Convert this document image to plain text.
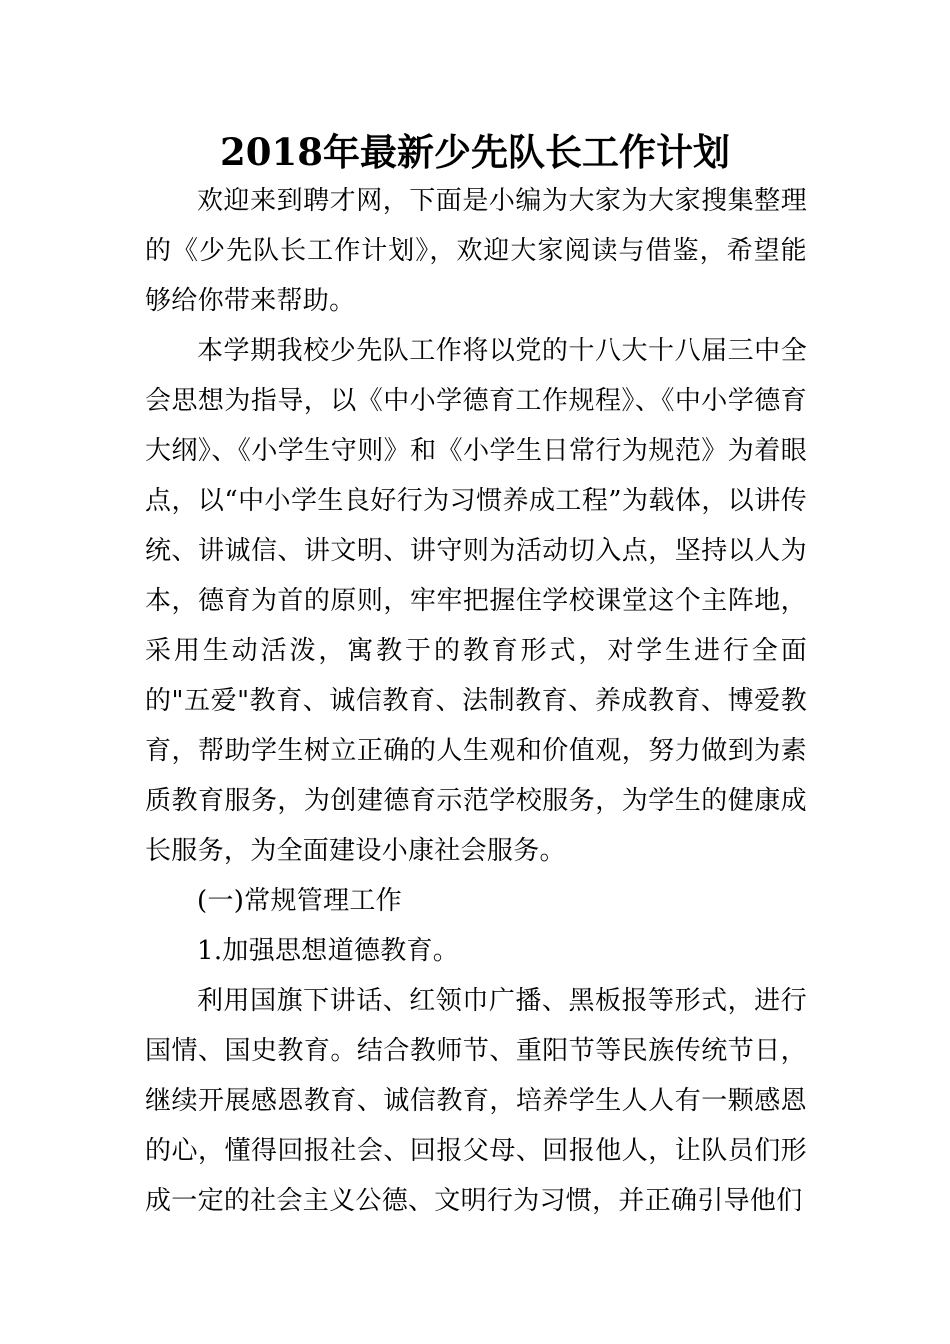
2018年最新少先队长工作计划

欢迎来到聘才网，下面是小编为大家为大家搜集整理的《少先队长工作计划》，欢迎大家阅读与借鉴，希望能够给你带来帮助。

本学期我校少先队工作将以党的十八大十八届三中全会思想为指导，以《中小学德育工作规程》、《中小学德育大纲》、《小学生守则》和《小学生日常行为规范》为着眼点，以“中小学生良好行为习惯养成工程”为载体，以讲传统、讲诚信、讲文明、讲守则为活动切入点，坚持以人为本，德育为首的原则，牢牢把握住学校课堂这个主阵地，采用生动活泼，寓教于的教育形式，对学生进行全面的"五爱"教育、诚信教育、法制教育、养成教育、博爱教育，帮助学生树立正确的人生观和价值观，努力做到为素质教育服务，为创建德育示范学校服务，为学生的健康成长服务，为全面建设小康社会服务。

(一)常规管理工作

1.加强思想道德教育。

利用国旗下讲话、红领巾广播、黑板报等形式，进行国情、国史教育。结合教师节、重阳节等民族传统节日，继续开展感恩教育、诚信教育，培养学生人人有一颗感恩的心，懂得回报社会、回报父母、回报他人，让队员们形成一定的社会主义公德、文明行为习惯，并正确引导他们
